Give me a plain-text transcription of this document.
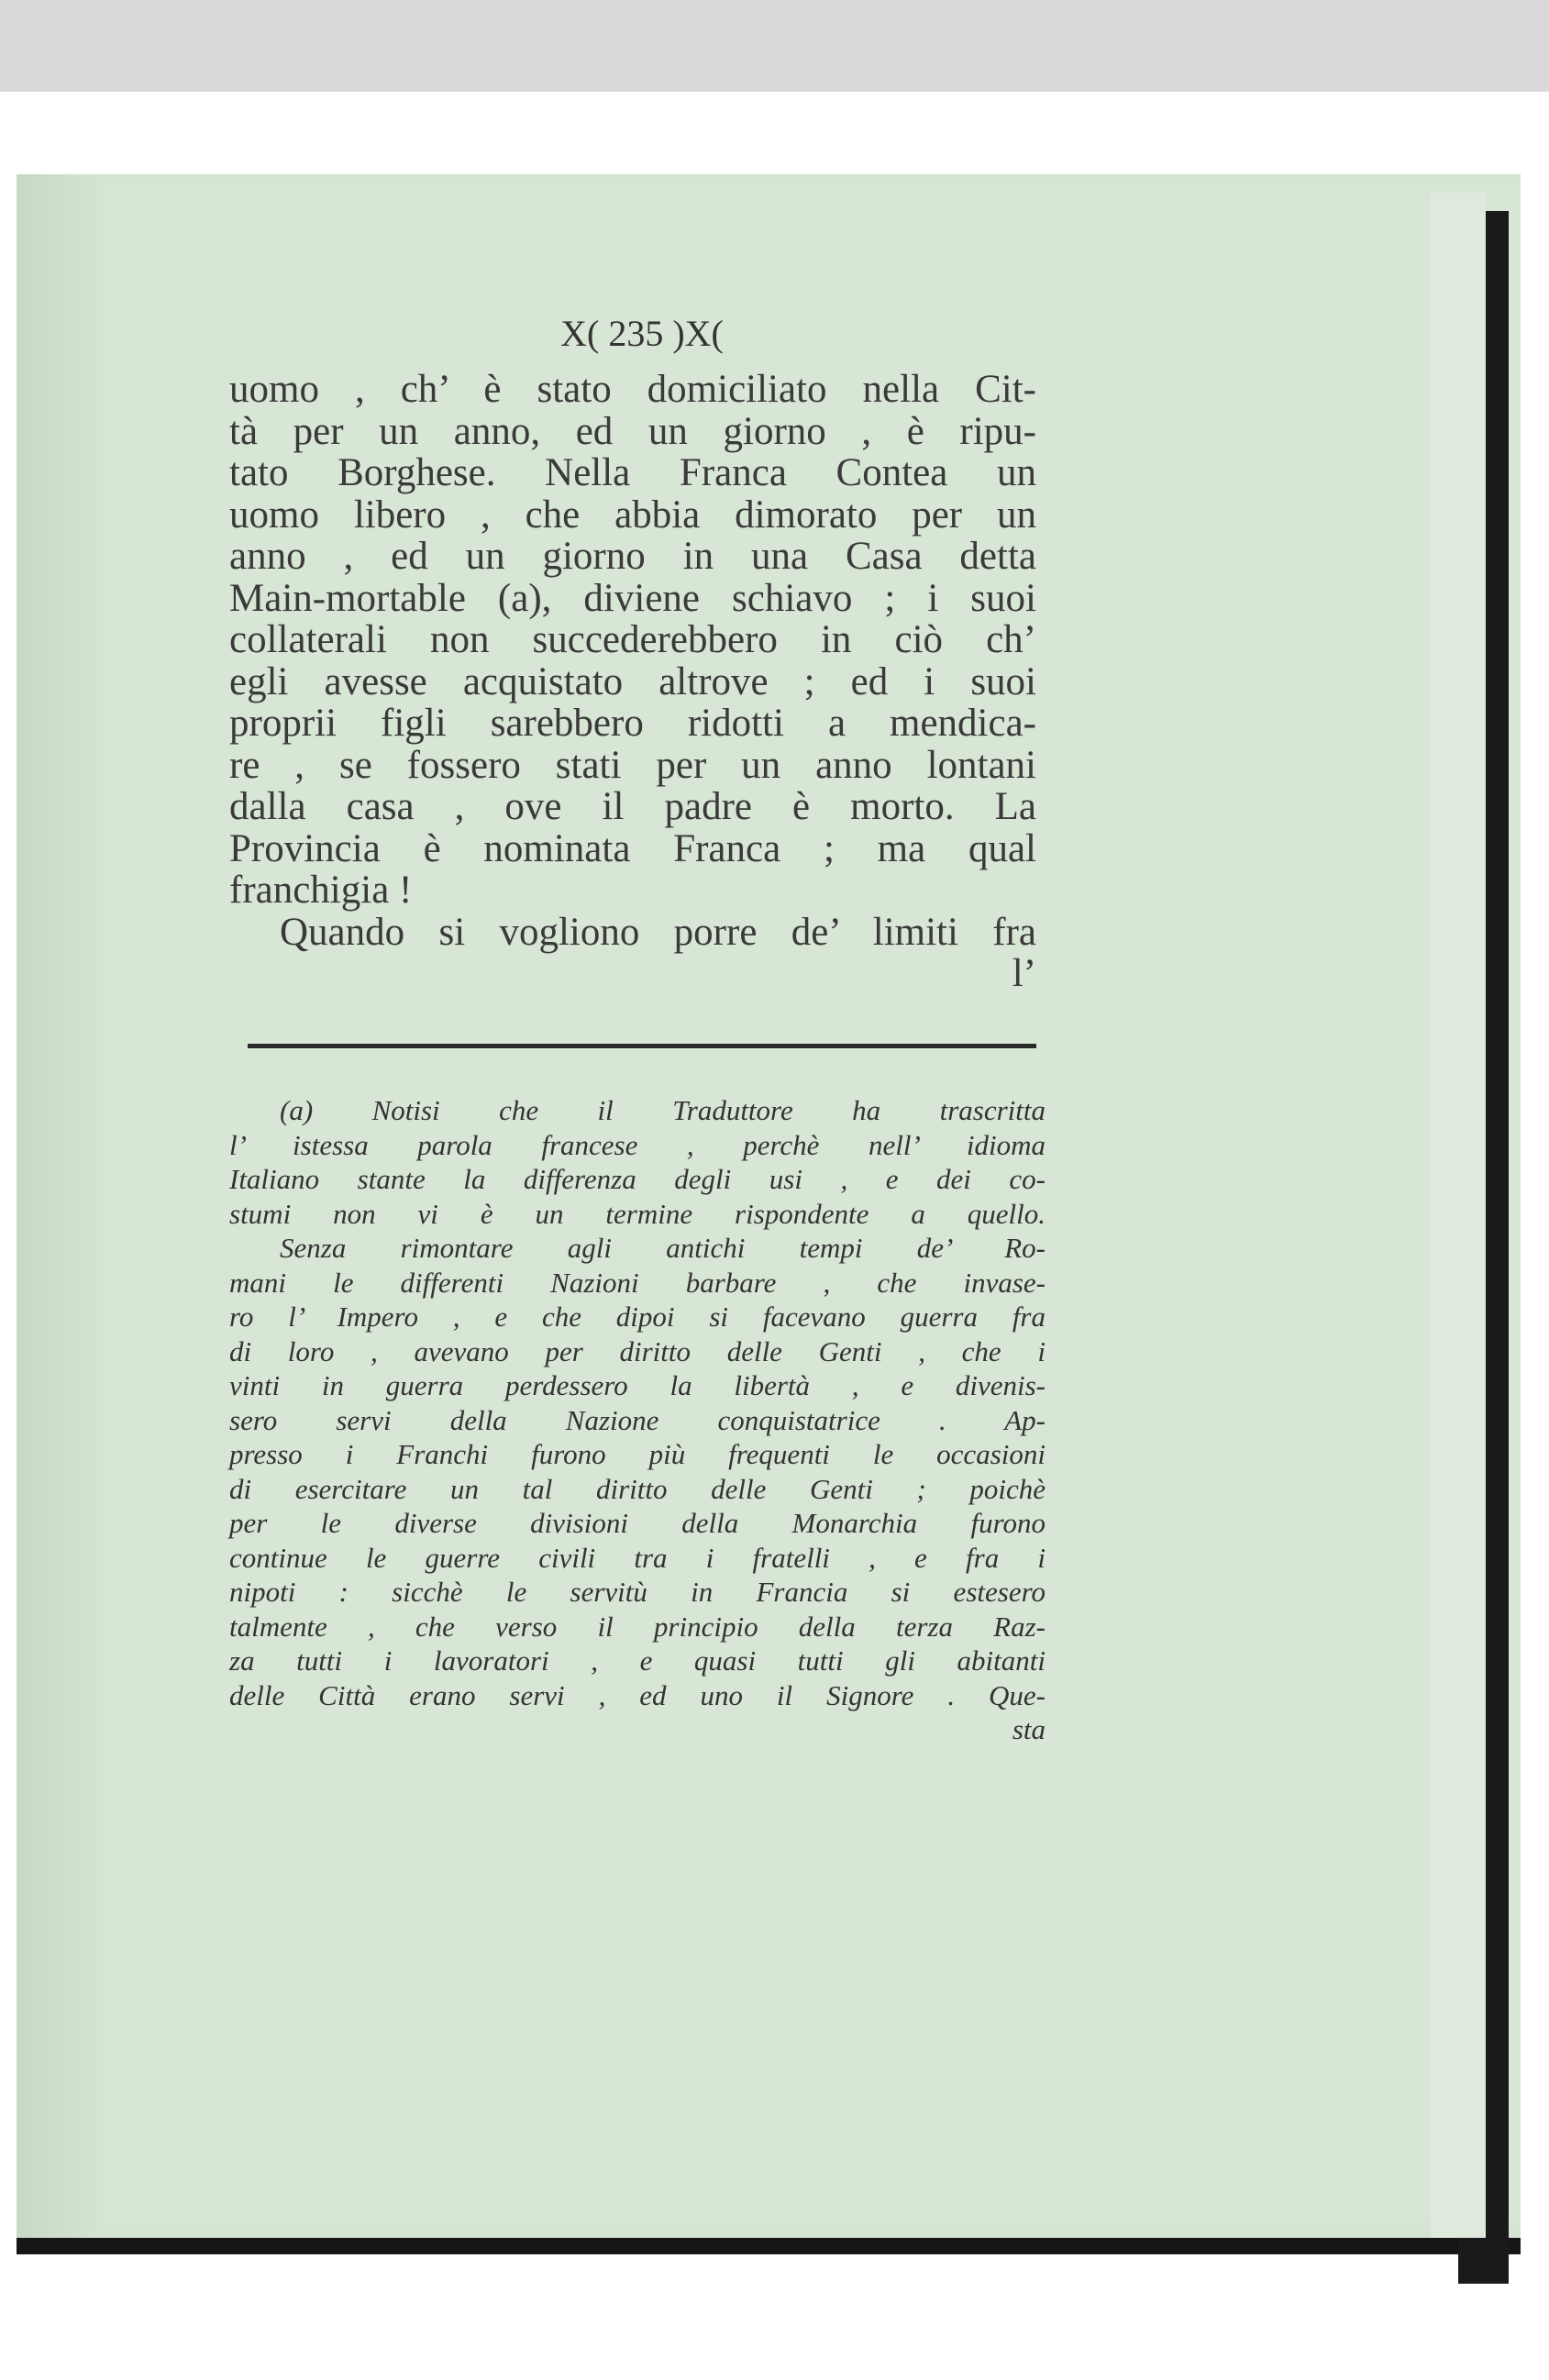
X( 235 )X(
uomo , ch’ è stato domiciliato nella Cit-
tà per un anno, ed un giorno , è ripu-
tato Borghese. Nella Franca Contea un
uomo libero , che abbia dimorato per un
anno , ed un giorno in una Casa detta
Main-mortable (a), diviene schiavo ; i suoi
collaterali non succederebbero in ciò ch’
egli avesse acquistato altrove ; ed i suoi
proprii figli sarebbero ridotti a mendica-
re , se fossero stati per un anno lontani
dalla casa , ove il padre è morto. La
Provincia è nominata Franca ; ma qual
franchigia !
Quando si vogliono porre de’ limiti fra
l’
(a) Notisi che il Traduttore ha trascritta
l’ istessa parola francese , perchè nell’ idioma
Italiano stante la differenza degli usi , e dei co-
stumi non vi è un termine rispondente a quello.
Senza rimontare agli antichi tempi de’ Ro-
mani le differenti Nazioni barbare , che invase-
ro l’ Impero , e che dipoi si facevano guerra fra
di loro , avevano per diritto delle Genti , che i
vinti in guerra perdessero la libertà , e divenis-
sero servi della Nazione conquistatrice . Ap-
presso i Franchi furono più frequenti le occasioni
di esercitare un tal diritto delle Genti ; poichè
per le diverse divisioni della Monarchia furono
continue le guerre civili tra i fratelli , e fra i
nipoti : sicchè le servitù in Francia si estesero
talmente , che verso il principio della terza Raz-
za tutti i lavoratori , e quasi tutti gli abitanti
delle Città erano servi , ed uno il Signore . Que-
sta
